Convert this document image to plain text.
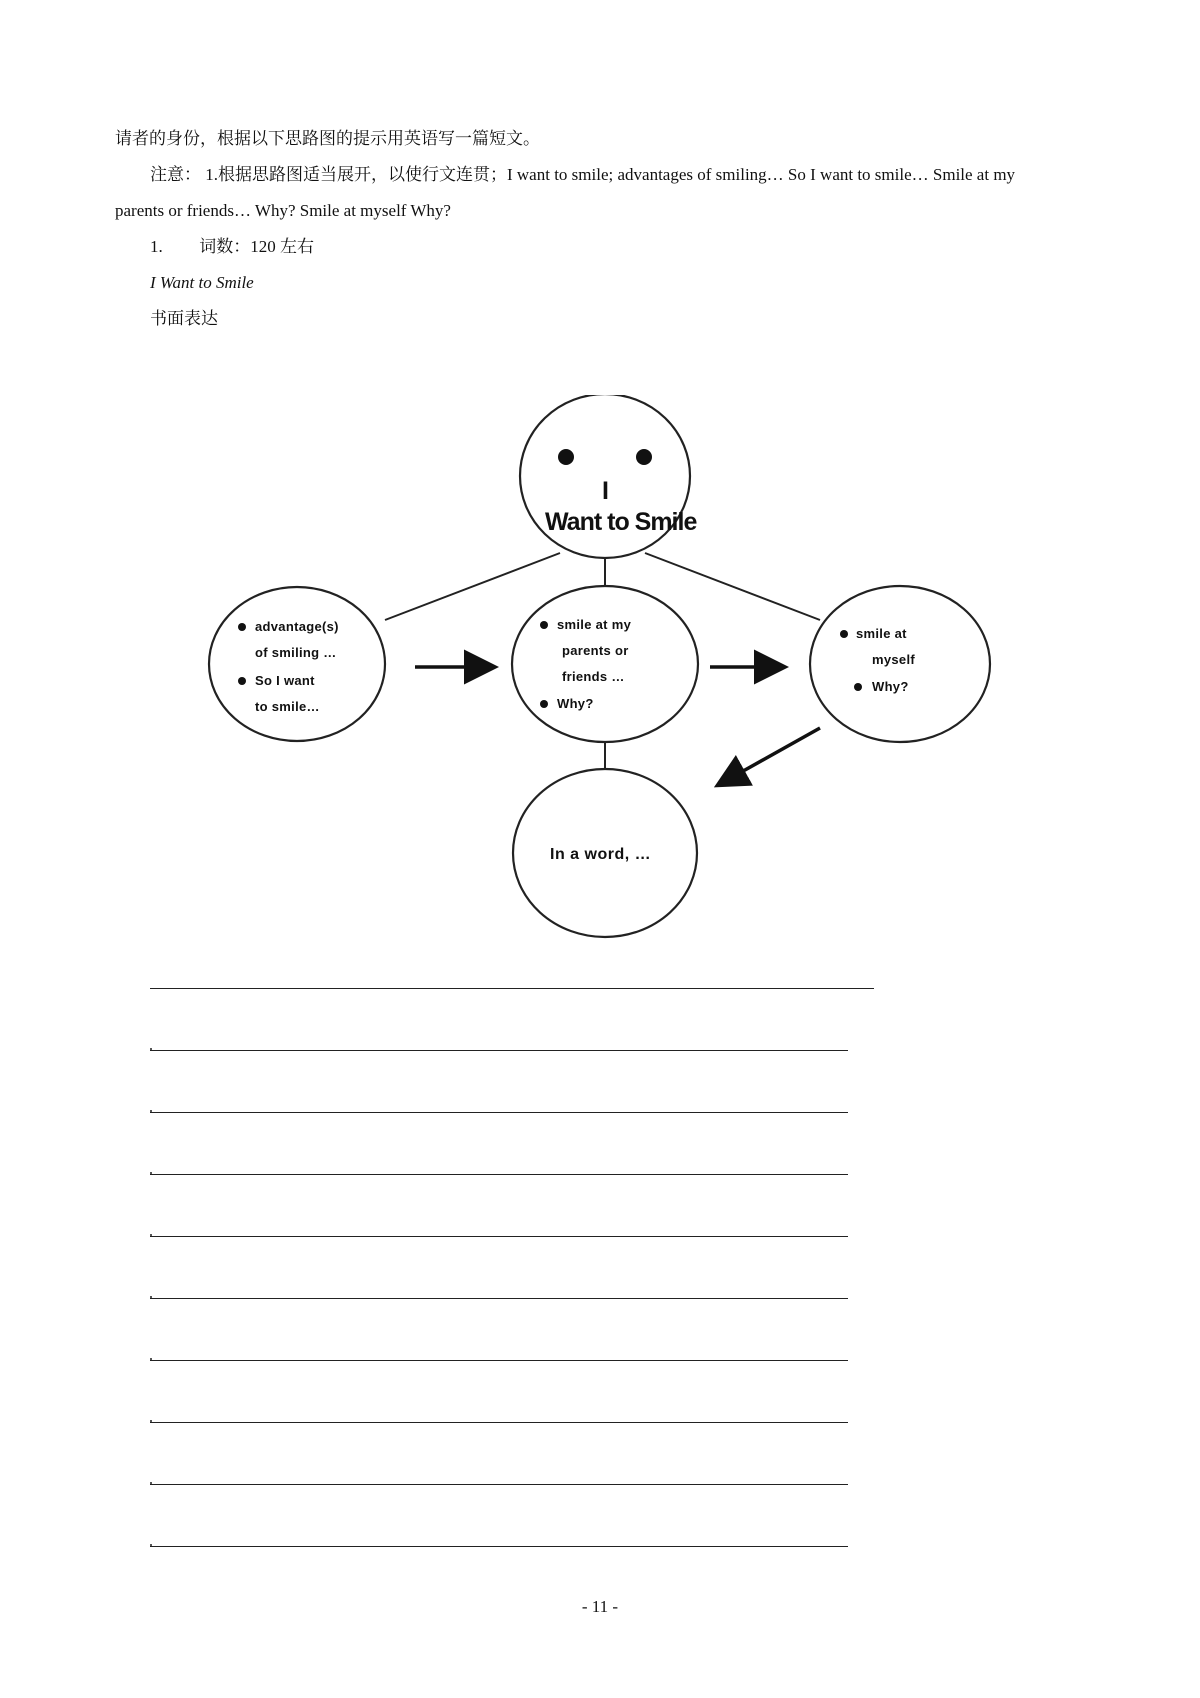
请者的身份，根据以下思路图的提示用英语写一篇短文。
注意： 1.根据思路图适当展开，以使行文连贯；I want to smile; advantages of smiling… So I want to smile… Smile at my
parents or friends… Why? Smile at myself Why?
1. 词数：120 左右
I Want to Smile
书面表达
I
Want to Smile
advantage(s)
of smiling …
So I want
to smile…
smile at my
parents or
friends …
Why?
smile at
myself
Why?
In a word, …
- 11 -
